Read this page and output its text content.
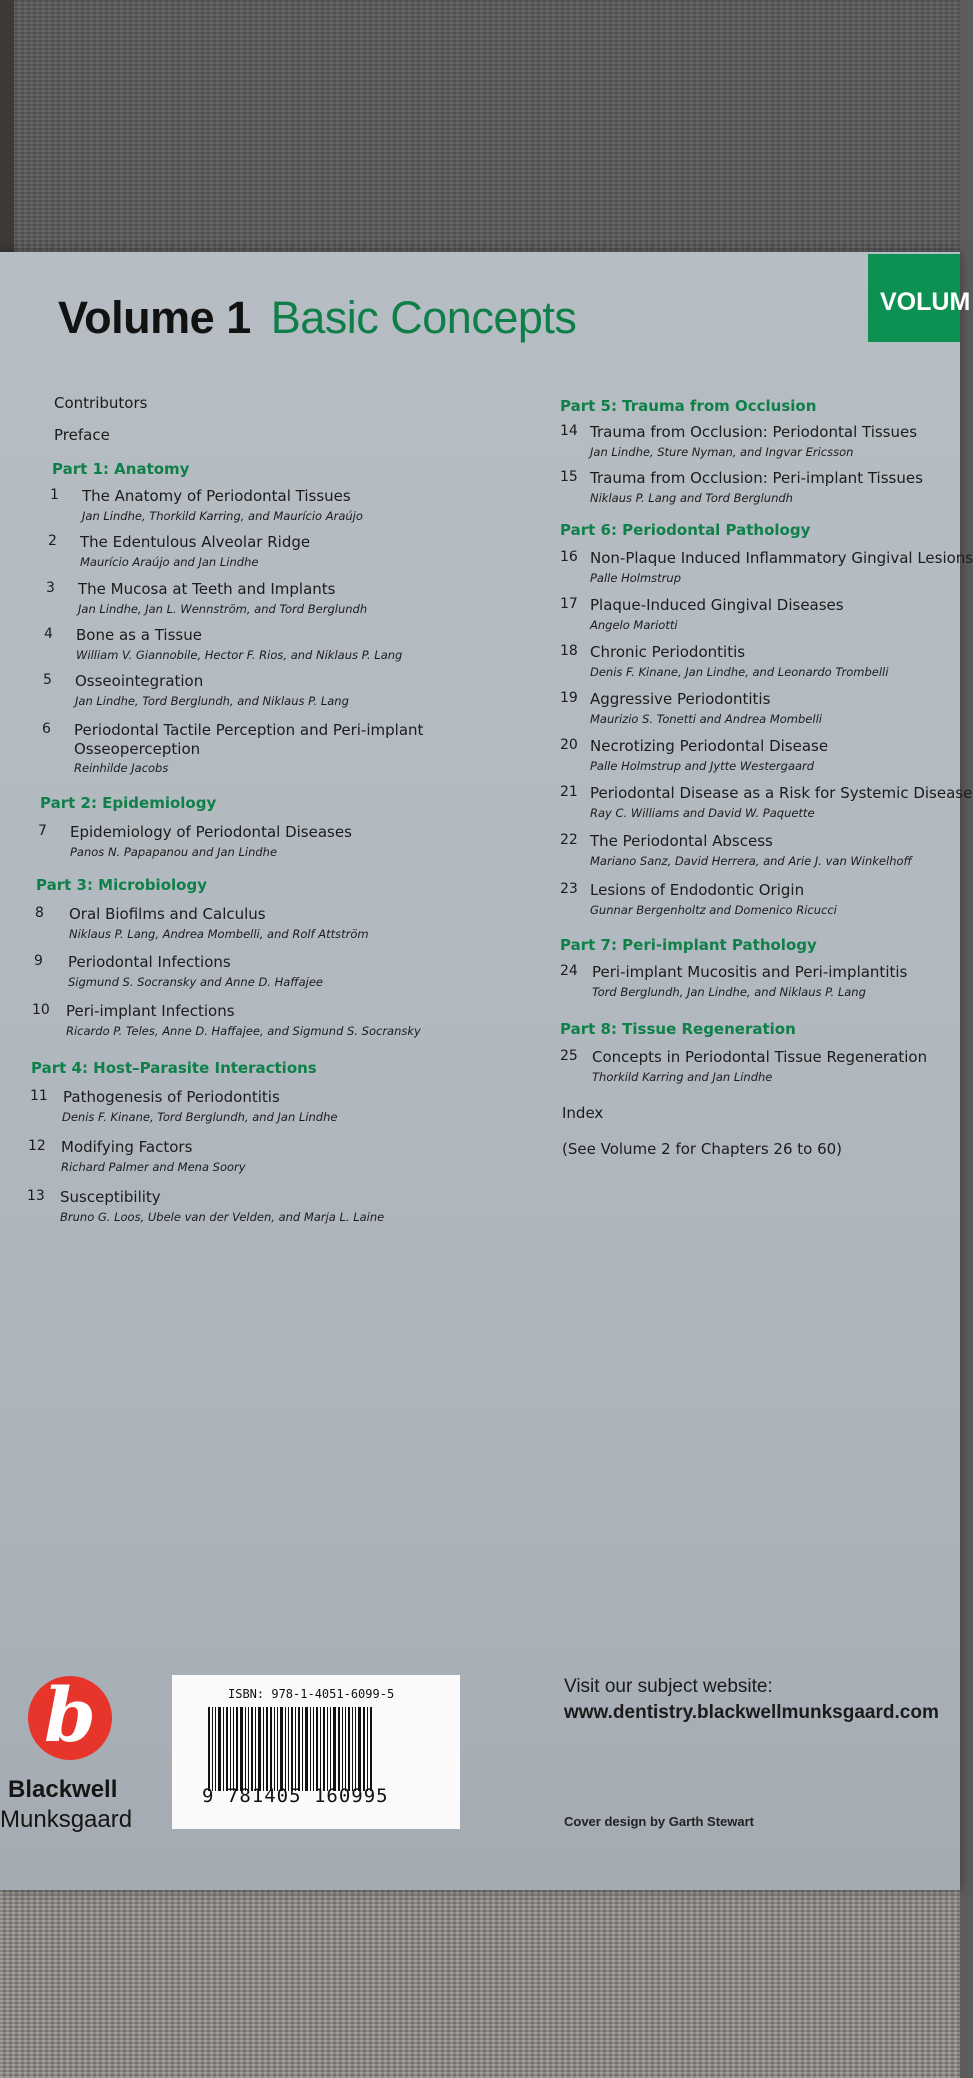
VOLUM
Volume 1 Basic Concepts
Contributors
Preface
Part 1: Anatomy
1 The Anatomy of Periodontal Tissues
Jan Lindhe, Thorkild Karring, and Maurício Araújo
2 The Edentulous Alveolar Ridge
Maurício Araújo and Jan Lindhe
3 The Mucosa at Teeth and Implants
Jan Lindhe, Jan L. Wennström, and Tord Berglundh
4 Bone as a Tissue
William V. Giannobile, Hector F. Rios, and Niklaus P. Lang
5 Osseointegration
Jan Lindhe, Tord Berglundh, and Niklaus P. Lang
6 Periodontal Tactile Perception and Peri-implant
Osseoperception
Reinhilde Jacobs
Part 2: Epidemiology
7 Epidemiology of Periodontal Diseases
Panos N. Papapanou and Jan Lindhe
Part 3: Microbiology
8 Oral Biofilms and Calculus
Niklaus P. Lang, Andrea Mombelli, and Rolf Attström
9 Periodontal Infections
Sigmund S. Socransky and Anne D. Haffajee
10 Peri-implant Infections
Ricardo P. Teles, Anne D. Haffajee, and Sigmund S. Socransky
Part 4: Host–Parasite Interactions
11 Pathogenesis of Periodontitis
Denis F. Kinane, Tord Berglundh, and Jan Lindhe
12 Modifying Factors
Richard Palmer and Mena Soory
13 Susceptibility
Bruno G. Loos, Ubele van der Velden, and Marja L. Laine
Part 5: Trauma from Occlusion
14 Trauma from Occlusion: Periodontal Tissues
Jan Lindhe, Sture Nyman, and Ingvar Ericsson
15 Trauma from Occlusion: Peri-implant Tissues
Niklaus P. Lang and Tord Berglundh
Part 6: Periodontal Pathology
16 Non-Plaque Induced Inflammatory Gingival Lesions
Palle Holmstrup
17 Plaque-Induced Gingival Diseases
Angelo Mariotti
18 Chronic Periodontitis
Denis F. Kinane, Jan Lindhe, and Leonardo Trombelli
19 Aggressive Periodontitis
Maurizio S. Tonetti and Andrea Mombelli
20 Necrotizing Periodontal Disease
Palle Holmstrup and Jytte Westergaard
21 Periodontal Disease as a Risk for Systemic Disease
Ray C. Williams and David W. Paquette
22 The Periodontal Abscess
Mariano Sanz, David Herrera, and Arie J. van Winkelhoff
23 Lesions of Endodontic Origin
Gunnar Bergenholtz and Domenico Ricucci
Part 7: Peri-implant Pathology
24 Peri-implant Mucositis and Peri-implantitis
Tord Berglundh, Jan Lindhe, and Niklaus P. Lang
Part 8: Tissue Regeneration
25 Concepts in Periodontal Tissue Regeneration
Thorkild Karring and Jan Lindhe
Index
(See Volume 2 for Chapters 26 to 60)
b
Blackwell
Munksgaard
ISBN: 978-1-4051-6099-5
9 781405 160995
Visit our subject website:
www.dentistry.blackwellmunksgaard.com
Cover design by Garth Stewart
